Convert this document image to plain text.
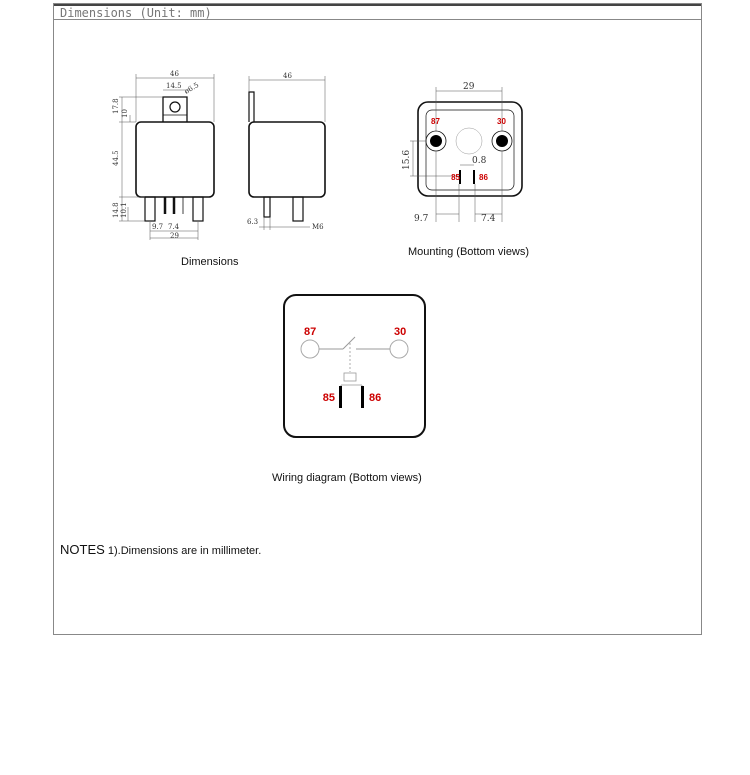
Dimensions (Unit: mm)
46
14.5 ø6.5
17.8 10
44.5
14.8 10.1
9.7 7.4
29
46
6.3
M6
29
15.6	0.8
9.7	7.4
87	30
85 86
87	30
85	86
Dimensions
Mounting (Bottom views)
Wiring diagram (Bottom views)
NOTES 1).Dimensions are in millimeter.
